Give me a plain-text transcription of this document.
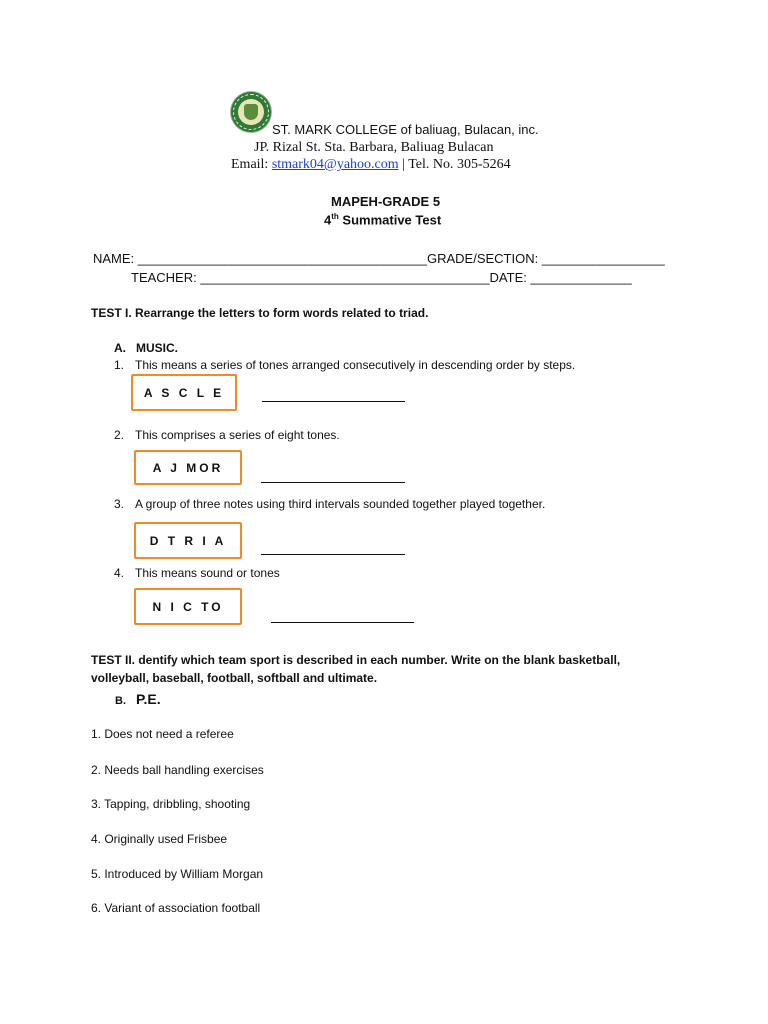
ST. MARK COLLEGE of baliuag, Bulacan, inc.
JP. Rizal St. Sta. Barbara, Baliuag Bulacan
Email: stmark04@yahoo.com | Tel. No. 305-5264
MAPEH-GRADE 5
4th Summative Test
NAME: ________________________________________GRADE/SECTION: _________________
TEACHER: ________________________________________DATE: ______________
TEST I. Rearrange the letters to form words related to triad.
A. MUSIC.
1. This means a series of tones arranged consecutively in descending order by steps.
A S C L E
2. This comprises a series of eight tones.
A J MOR
3. A group of three notes using third intervals sounded together played together.
D T R I A
4. This means sound or tones
N I C TO
TEST II. dentify which team sport is described in each number. Write on the blank basketball,
volleyball, baseball, football, softball and ultimate.
B. P.E.
1. Does not need a referee
2. Needs ball handling exercises
3. Tapping, dribbling, shooting
4. Originally used Frisbee
5. Introduced by William Morgan
6. Variant of association football
